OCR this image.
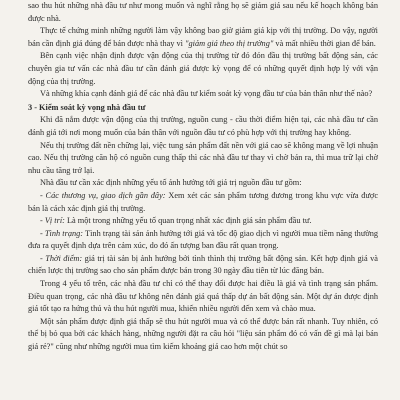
sao thu hút những nhà đầu tư như mong muốn và nghĩ rằng họ sẽ giảm giá sau nếu kế hoạch không bán được nhà.

Thực tế chứng minh những người làm vậy không bao giờ giảm giá kịp với thị trường. Do vậy, người bán cần định giá đúng để bán được nhà thay vì "giảm giá theo thị trường" và mất nhiều thời gian để bán.

Bên cạnh việc nhận định được vận động của thị trường từ đó đón đầu thị trường bất động sản, các chuyên gia tư vấn các nhà đầu tư cần đánh giá được kỳ vọng để có những quyết định hợp lý với vận động của thị trường.

Và những khía cạnh đánh giá để các nhà đầu tư kiểm soát kỳ vọng đầu tư của bản thân như thế nào?

3 - Kiểm soát kỳ vọng nhà đầu tư

Khi đã nắm được vận động của thị trường, nguồn cung - cầu thời điểm hiện tại, các nhà đầu tư cần đánh giá tới nơi mong muốn của bản thân với nguồn đầu tư có phù hợp với thị trường hay không.

Nếu thị trường đất nền chững lại, việc tung sản phẩm đất nền với giá cao sẽ không mang về lợi nhuận cao. Nếu thị trường căn hộ có nguồn cung thấp thì các nhà đầu tư thay vì chờ bán ra, thì mua trữ lại chờ nhu cầu tăng trở lại.

Nhà đầu tư cần xác định những yếu tố ảnh hưởng tới giá trị nguồn đầu tư gồm:

- Các thương vụ, giao dịch gần đây: Xem xét các sản phẩm tương đương trong khu vực vừa được bán là cách xác định giá thị trường.

- Vị trí: Là một trong những yếu tố quan trọng nhất xác định giá sản phẩm đầu tư.

- Tình trạng: Tình trạng tài sản ảnh hưởng tới giá và tốc độ giao dịch vì người mua tiềm năng thường đưa ra quyết định dựa trên cảm xúc, do đó ấn tượng ban đầu rất quan trọng.

- Thời điểm: giá trị tài sản bị ảnh hưởng bởi tình thình thị trường bất động sản. Kết hợp định giá và chiến lược thị trường sao cho sản phẩm được bán trong 30 ngày đầu tiên từ lúc đăng bán.

Trong 4 yếu tố trên, các nhà đầu tư chỉ có thể thay đổi được hai điều là giá và tình trạng sản phẩm. Điều quan trọng, các nhà đầu tư không nên đánh giá quá thấp dự án bất động sản. Một dự án được định giá tốt tạo ra hứng thú và thu hút người mua, khiến nhiều người đến xem và chào mua.

Một sản phẩm được định giá thấp sẽ thu hút người mua và có thể được bán rất nhanh. Tuy nhiên, có thể bị bỏ qua bởi các khách hàng, những người đặt ra câu hỏi "liệu sản phẩm đó có vấn đề gì mà lại bán giá rẻ?" cũng như những người mua tìm kiếm khoảng giá cao hơn một chút so
